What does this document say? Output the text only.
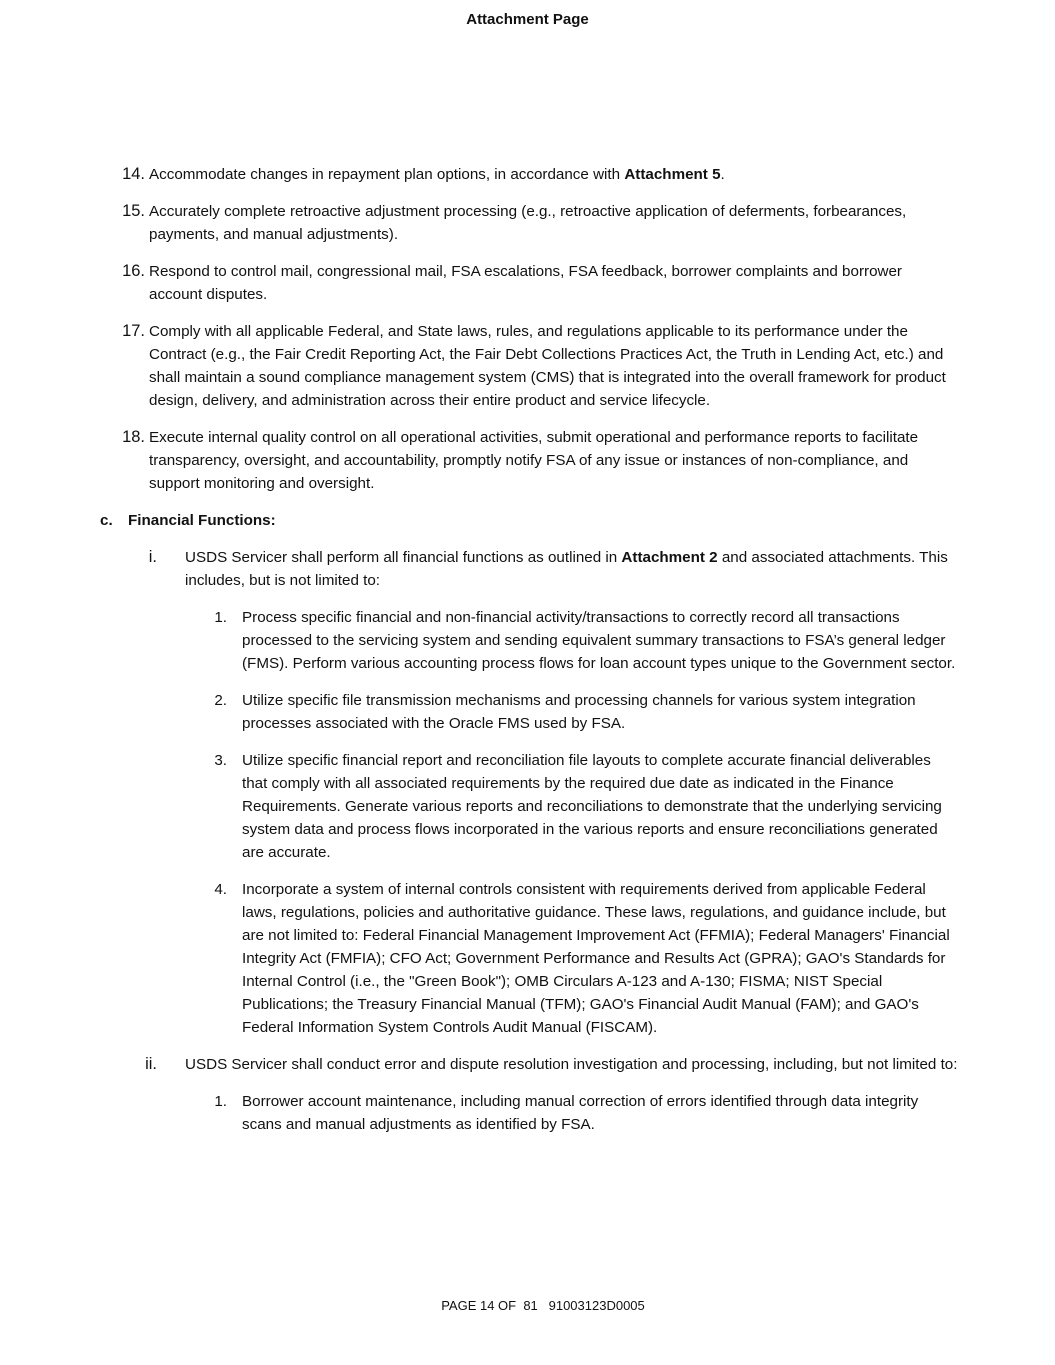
Attachment Page
14. Accommodate changes in repayment plan options, in accordance with Attachment 5.
15. Accurately complete retroactive adjustment processing (e.g., retroactive application of deferments, forbearances, payments, and manual adjustments).
16. Respond to control mail, congressional mail, FSA escalations, FSA feedback, borrower complaints and borrower account disputes.
17. Comply with all applicable Federal, and State laws, rules, and regulations applicable to its performance under the Contract (e.g., the Fair Credit Reporting Act, the Fair Debt Collections Practices Act, the Truth in Lending Act, etc.) and shall maintain a sound compliance management system (CMS) that is integrated into the overall framework for product design, delivery, and administration across their entire product and service lifecycle.
18. Execute internal quality control on all operational activities, submit operational and performance reports to facilitate transparency, oversight, and accountability, promptly notify FSA of any issue or instances of non-compliance, and support monitoring and oversight.
c. Financial Functions:
i. USDS Servicer shall perform all financial functions as outlined in Attachment 2 and associated attachments. This includes, but is not limited to:
1. Process specific financial and non-financial activity/transactions to correctly record all transactions processed to the servicing system and sending equivalent summary transactions to FSA’s general ledger (FMS). Perform various accounting process flows for loan account types unique to the Government sector.
2. Utilize specific file transmission mechanisms and processing channels for various system integration processes associated with the Oracle FMS used by FSA.
3. Utilize specific financial report and reconciliation file layouts to complete accurate financial deliverables that comply with all associated requirements by the required due date as indicated in the Finance Requirements. Generate various reports and reconciliations to demonstrate that the underlying servicing system data and process flows incorporated in the various reports and ensure reconciliations generated are accurate.
4. Incorporate a system of internal controls consistent with requirements derived from applicable Federal laws, regulations, policies and authoritative guidance. These laws, regulations, and guidance include, but are not limited to: Federal Financial Management Improvement Act (FFMIA); Federal Managers' Financial Integrity Act (FMFIA); CFO Act; Government Performance and Results Act (GPRA); GAO's Standards for Internal Control (i.e., the "Green Book"); OMB Circulars A-123 and A-130; FISMA; NIST Special Publications; the Treasury Financial Manual (TFM); GAO's Financial Audit Manual (FAM); and GAO's Federal Information System Controls Audit Manual (FISCAM).
ii. USDS Servicer shall conduct error and dispute resolution investigation and processing, including, but not limited to:
1. Borrower account maintenance, including manual correction of errors identified through data integrity scans and manual adjustments as identified by FSA.
PAGE 14 OF  81   91003123D0005
